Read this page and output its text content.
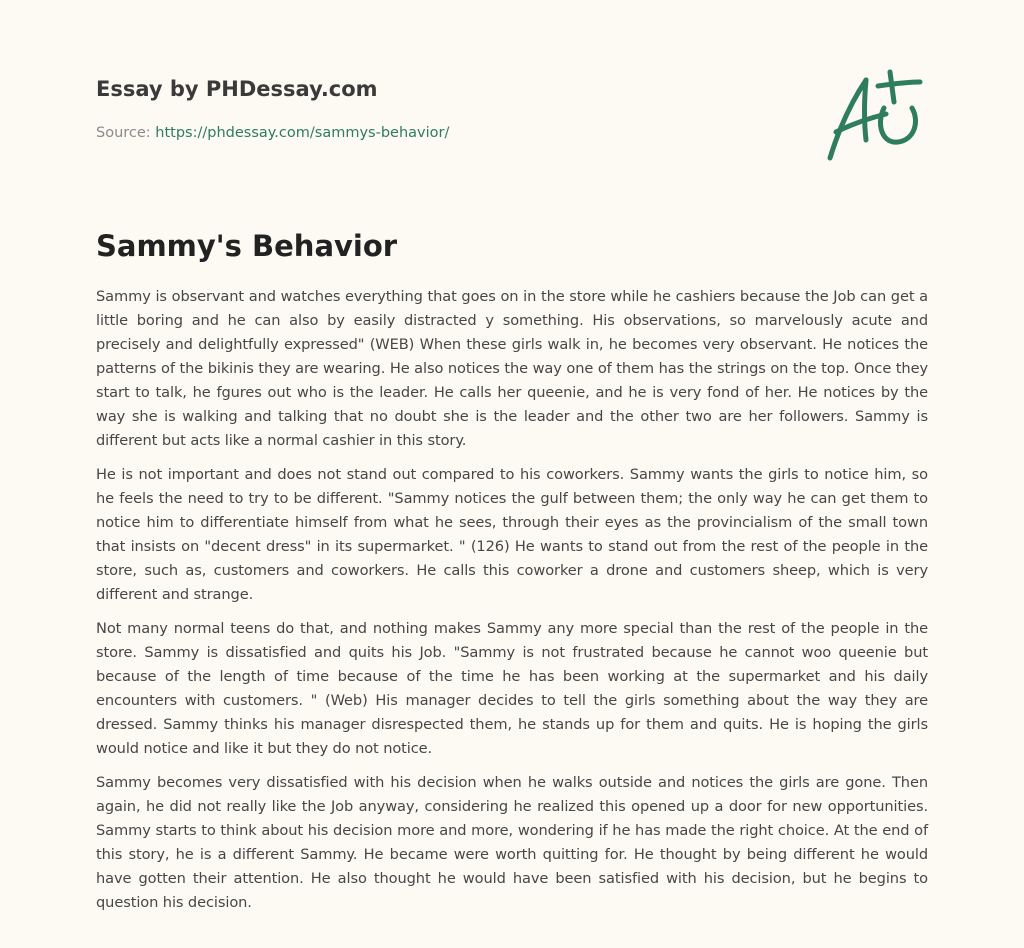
Essay by PHDessay.com
Source: https://phdessay.com/sammys-behavior/
Sammy's Behavior

Sammy is observant and watches everything that goes on in the store while he cashiers because the Job can get a little boring and he can also by easily distracted y something. His observations, so marvelously acute and precisely and delightfully expressed" (WEB) When these girls walk in, he becomes very observant. He notices the patterns of the bikinis they are wearing. He also notices the way one of them has the strings on the top. Once they start to talk, he fgures out who is the leader. He calls her queenie, and he is very fond of her. He notices by the way she is walking and talking that no doubt she is the leader and the other two are her followers. Sammy is different but acts like a normal cashier in this story.

He is not important and does not stand out compared to his coworkers. Sammy wants the girls to notice him, so he feels the need to try to be different. "Sammy notices the gulf between them; the only way he can get them to notice him to differentiate himself from what he sees, through their eyes as the provincialism of the small town that insists on "decent dress" in its supermarket. " (126) He wants to stand out from the rest of the people in the store, such as, customers and coworkers. He calls this coworker a drone and customers sheep, which is very different and strange.

Not many normal teens do that, and nothing makes Sammy any more special than the rest of the people in the store. Sammy is dissatisfied and quits his Job. "Sammy is not frustrated because he cannot woo queenie but because of the length of time because of the time he has been working at the supermarket and his daily encounters with customers. " (Web) His manager decides to tell the girls something about the way they are dressed. Sammy thinks his manager disrespected them, he stands up for them and quits. He is hoping the girls would notice and like it but they do not notice.

Sammy becomes very dissatisfied with his decision when he walks outside and notices the girls are gone. Then again, he did not really like the Job anyway, considering he realized this opened up a door for new opportunities. Sammy starts to think about his decision more and more, wondering if he has made the right choice. At the end of this story, he is a different Sammy. He became were worth quitting for. He thought by being different he would have gotten their attention. He also thought he would have been satisfied with his decision, but he begins to question his decision.
